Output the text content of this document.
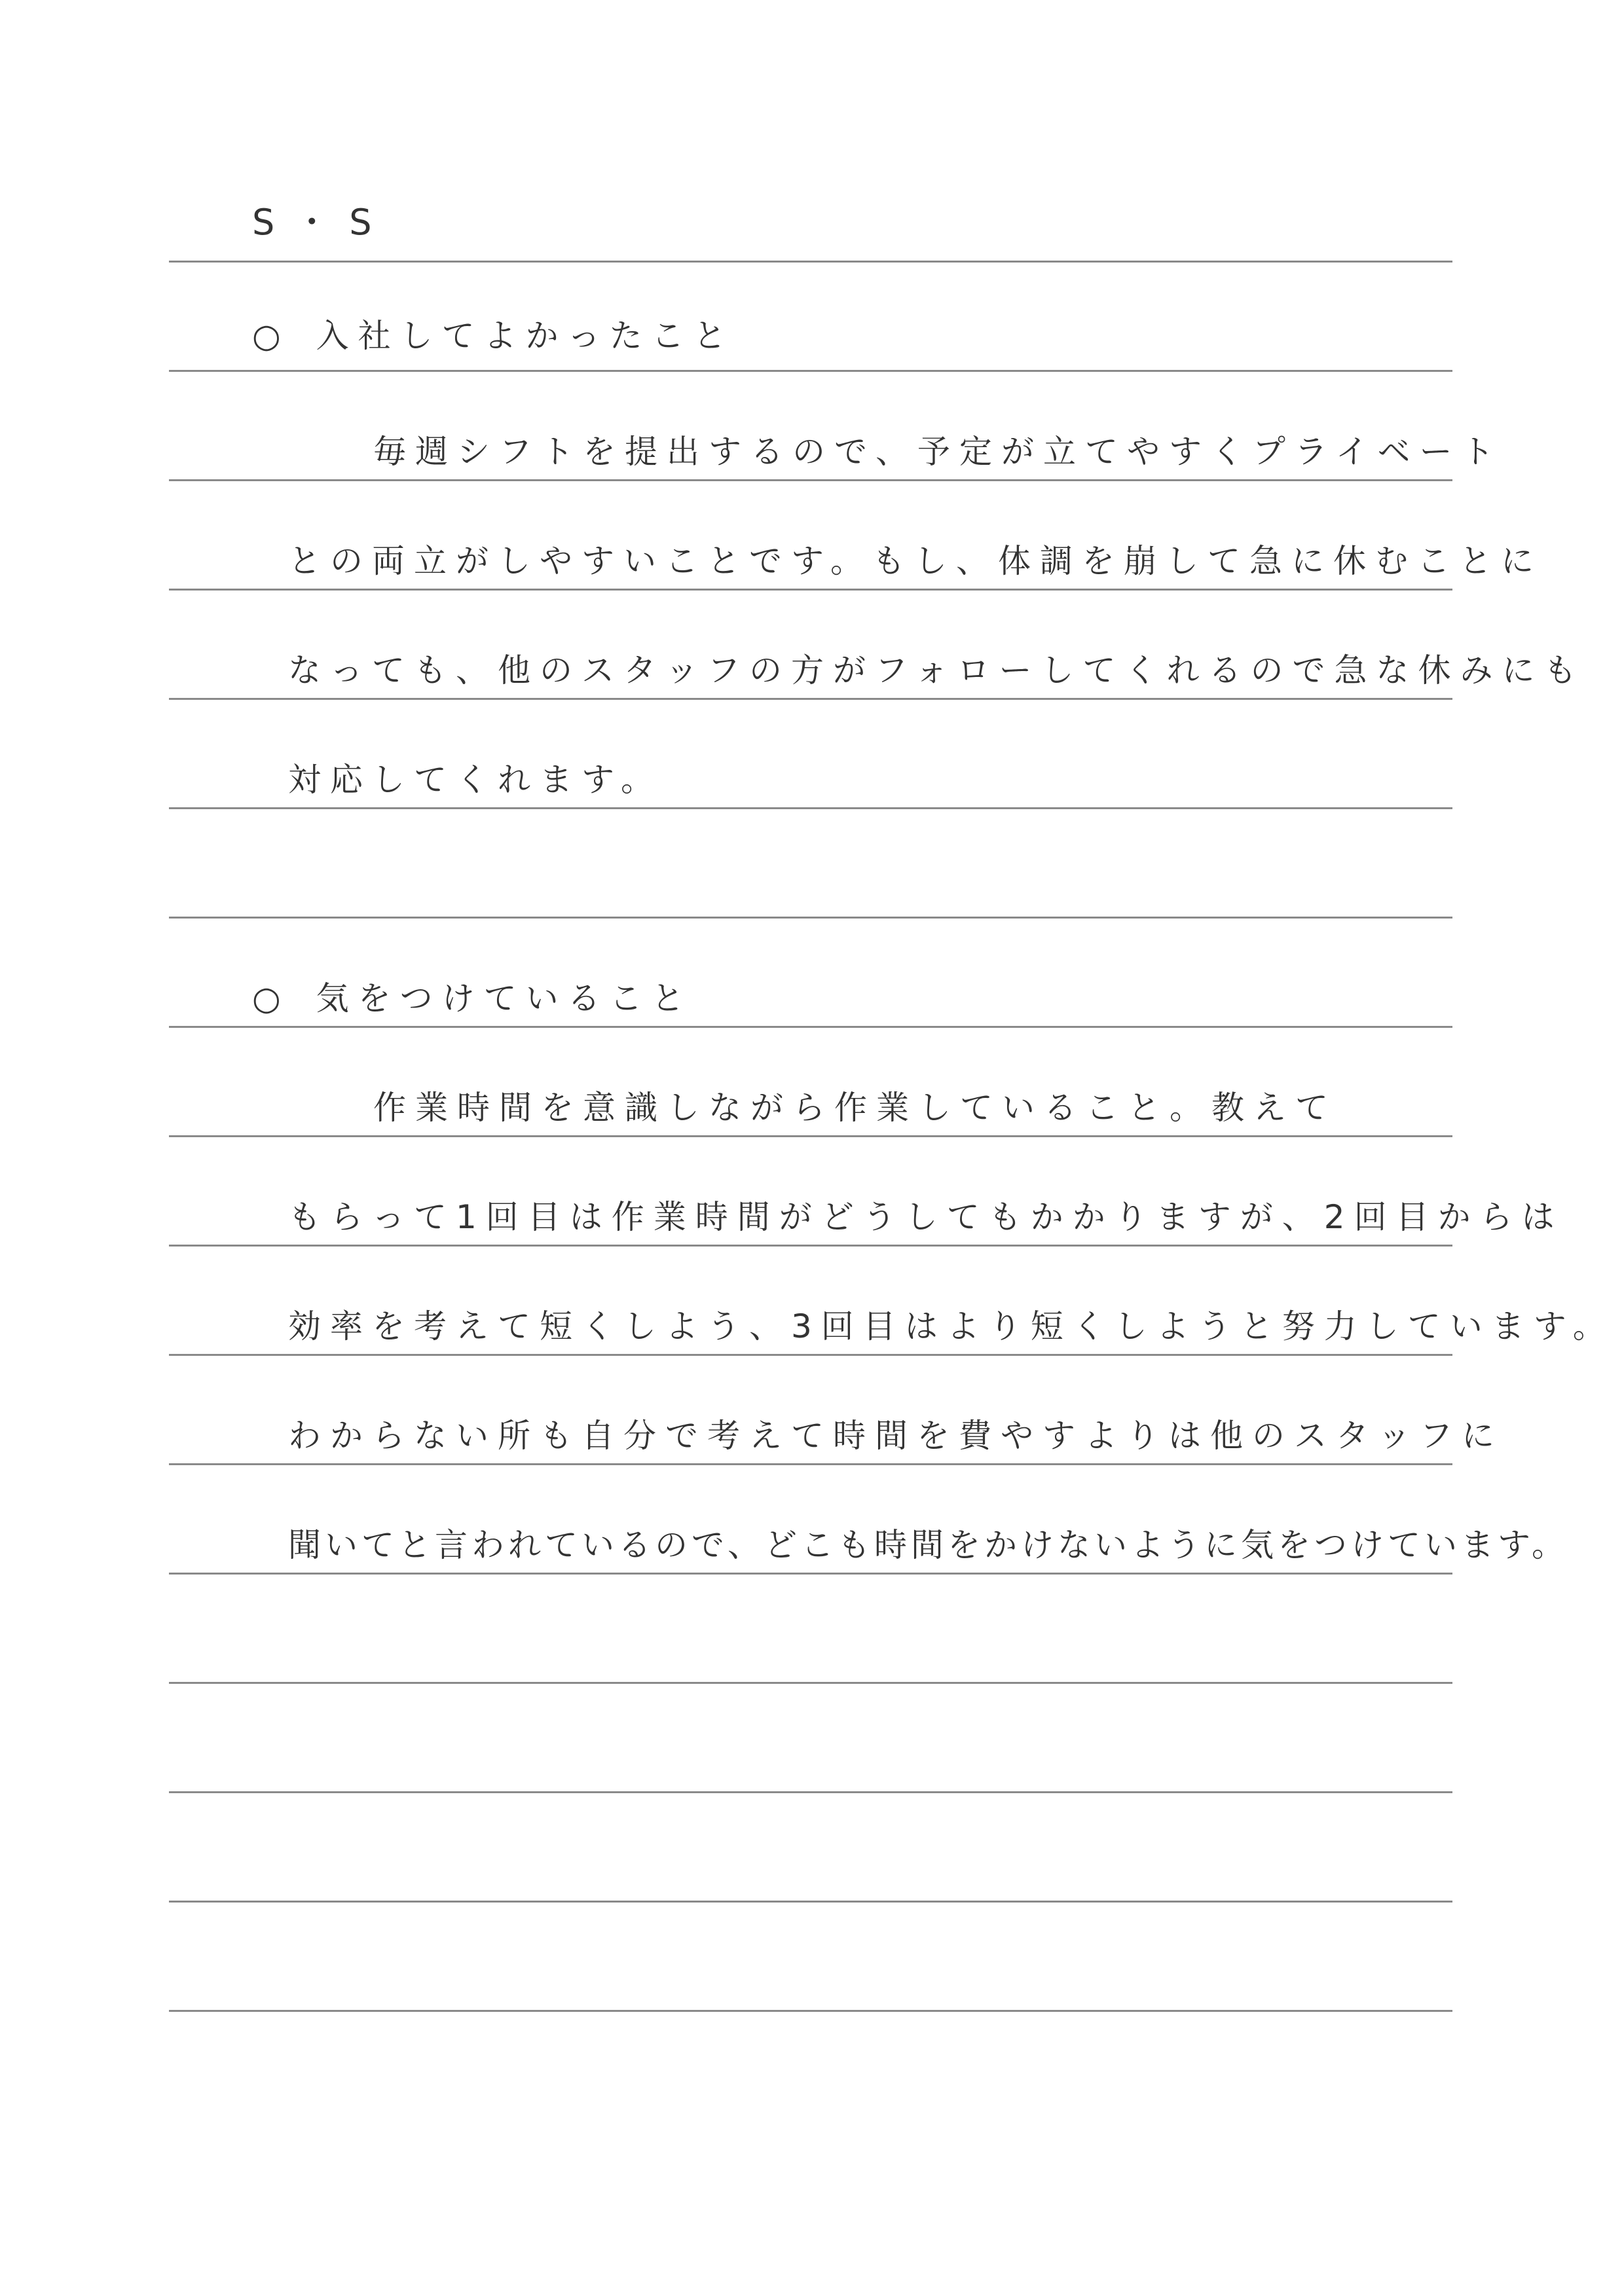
S・S
○ 入社してよかったこと
毎週シフトを提出するので、予定が立てやすくプライベート
との両立がしやすいことです。もし、体調を崩して急に休むことに
なっても、他のスタッフの方がフォローしてくれるので急な休みにも
対応してくれます。
○ 気をつけていること
作業時間を意識しながら作業していること。教えて
もらって1回目は作業時間がどうしてもかかりますが、2回目からは
効率を考えて短くしよう、3回目はより短くしようと努力しています。
わからない所も自分で考えて時間を費やすよりは他のスタッフに
聞いてと言われているので、どこも時間をかけないように気をつけています。
